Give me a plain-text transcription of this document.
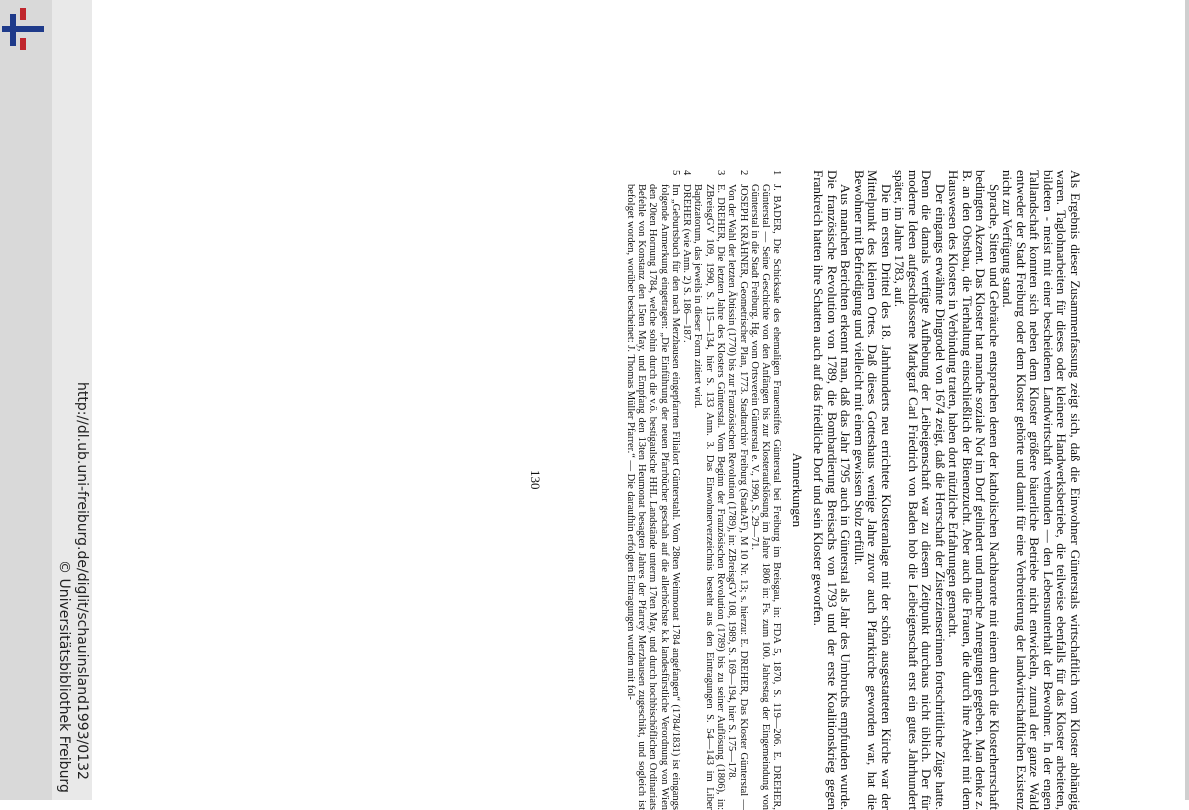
http://dl.ub.uni-freiburg.de/diglit/schauinsland1993/0132
© Universitätsbibliothek Freiburg	Als Ergebnis dieser Zusammenfassung zeigt sich, daß die Einwohner Günterstals wirtschaftlich vom Kloster abhängig waren. Taglohnarbeiten für dieses oder kleinere Handwerksbetriebe, die teilweise ebenfalls für das Kloster arbeiteten, bildeten - meist mit einer bescheidenen Landwirtschaft verbunden — den Lebensunterhalt der Bewohner. In der engen Tallandschaft konnten sich neben dem Kloster größere bäuerliche Betriebe nicht entwickeln, zumal der ganze Wald entweder der Stadt Freiburg oder dem Kloster gehörte und damit für eine Verbreiterung der landwirtschaftlichen Existenz nicht zur Verfügung stand.

Sprache, Sitten und Gebräuche entsprachen denen der katholischen Nachbarorte mit einem durch die Klosterherrschaft bedingten Akzent. Das Kloster hat manche soziale Not im Dorf gelindert und manche Anregungen gegeben. Man denke z. B. an den Obstbau, die Tierhaltung einschließlich der Bienenzucht. Aber auch die Frauen, die durch ihre Arbeit mit dem Hauswesen des Klosters in Verbindung traten, haben dort nützliche Erfahrungen gemacht.

Der eingangs erwähnte Dingrodel von 1674 zeigt, daß die Herrschaft der Zisterzienserinnen fortschrittliche Züge hatte. Denn die damals verfügte Aufhebung der Leibeigenschaft war zu diesem Zeitpunkt durchaus nicht üblich. Der für moderne Ideen aufgeschlossene Markgraf Carl Friedrich von Baden hob die Leibeigenschaft erst ein gutes Jahrhundert später, im Jahre 1783, auf.

Die im ersten Drittel des 18. Jahrhunderts neu errichtete Klosteranlage mit der schön ausgestatteten Kirche war der Mittelpunkt des kleinen Ortes. Daß dieses Gotteshaus wenige Jahre zuvor auch Pfarrkirche geworden war, hat die Bewohner mit Befriedigung und vielleicht mit einem gewissen Stolz erfüllt.

Aus manchen Berichten erkennt man, daß das Jahr 1795 auch in Günterstal als Jahr des Umbruchs empfunden wurde. Die französische Revolution von 1789, die Bombardierung Breisachs von 1793 und der erste Koalitionskrieg gegen Frankreich hatten ihre Schatten auch auf das friedliche Dorf und sein Kloster geworfen.

Anmerkungen
1
J. BADER, Die Schicksale des ehemaligen Frauenstiftes Günterstal bei Freiburg im Breisgau, in: FDA 5, 1870, S. 119—206. E. DREHER, Günterstal — Seine Geschichte von den Anfängen bis zur Klosteraufslösung im Jahre 1806 in: Fs. zum 100. Jahrestag der Eingemeindung von Günterstal in die Stadt Freiburg. Hg. vom Ortsverein Günterstal e. V., 1990, S. 29—71.
2
JOSEPH KRÄHNER, Geometrischer Plan, 1773. Stadtarchiv Freiburg (StadtAF), M 10 Nr. 13; s. hierzu: E. DREHER, Das Kloster Günterstal — Von der Wahl der letzten Äbtissin (1770) bis zur Französischen Revolution (1789), in: ZBreisgGV 108, 1989, S. 169—194, hier S. 175—178.
3
E. DREHER, Die letzten Jahre des Klosters Günterstal. Vom Beginn der Französischen Revolution (1789) bis zu seiner Auflösung (1806), in: ZBreisgGV 109, 1990, S. 115—134, hier S. 133 Anm. 3. Das Einwohnerverzeichnis besteht aus den Eintragungen S. 54—143 im Liber Baptizatorum, das jeweils in dieser Form zitiert wird.
4
DREHER (wie Anm. 2) S. 186—187.
5
Im „Geburtsbuch für den nach Merzhausen eingepfarrten Filialort Günterstahl. Vom 28ten Weinmonat 1784 angefangen“ (1784/1831) ist eingangs folgende Anmerkung eingetragen: „Die Einführung der neuen Pfarrbücher geschah auf die allerhöchste k.k landesfürstliche Verordnung von Wien den 20ten Hornung 1784, welche sohin durch die v.ö. bestigaulsche HHL Landstände unterm 17ten May, und durch hochbischöflichen Ordinariats Befehle von Konstanz den 15ten May, und Empfang den 13ten Heumonat besagten Jahres der Pfarrey Merzhausen zugeschikt, und sogleich ist befolget worden, worüber bescheinet: J. Thomas Müller Pfarrer.“ — Die daraufhin erfolgten Eintragungen wurden mit fol-
130
